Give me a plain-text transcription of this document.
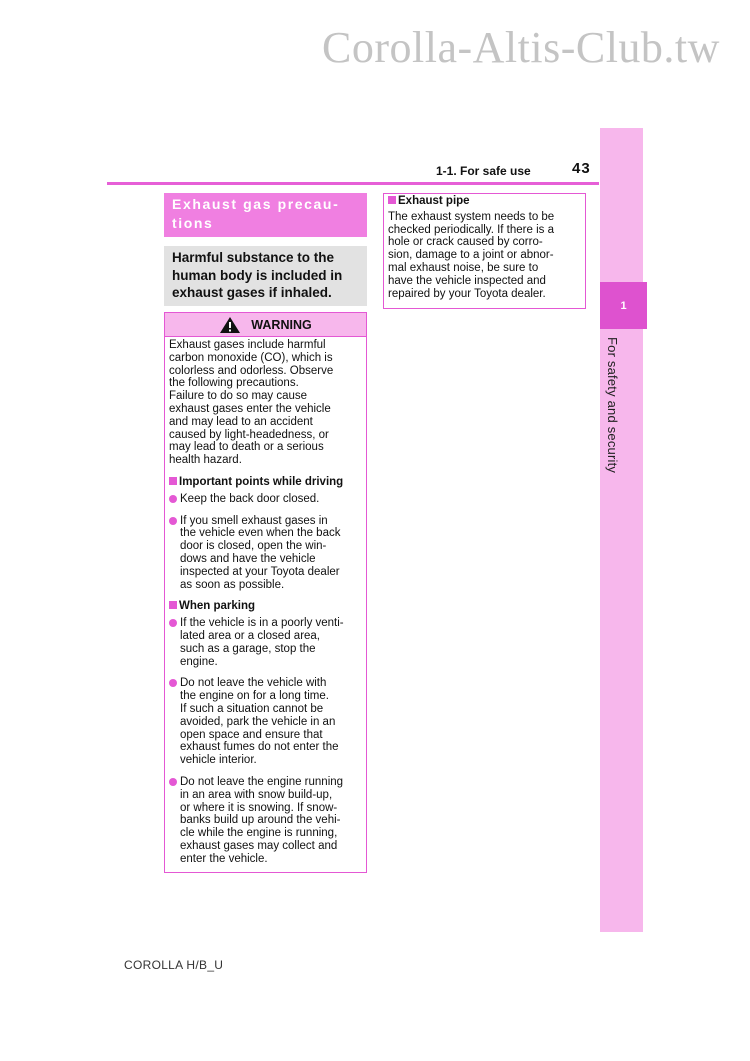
Corolla-Altis-Club.tw
1
For safety and security
1-1. For safe use	43
Exhaust gas precau-
tions
Harmful substance to the
human body is included in
exhaust gases if inhaled.
WARNING
Exhaust gases include harmful
carbon monoxide (CO), which is
colorless and odorless. Observe
the following precautions.
Failure to do so may cause
exhaust gases enter the vehicle
and may lead to an accident
caused by light-headedness, or
may lead to death or a serious
health hazard.
Important points while driving
Keep the back door closed.
If you smell exhaust gases in
the vehicle even when the back
door is closed, open the win-
dows and have the vehicle
inspected at your Toyota dealer
as soon as possible.
When parking
If the vehicle is in a poorly venti-
lated area or a closed area,
such as a garage, stop the
engine.
Do not leave the vehicle with
the engine on for a long time.
If such a situation cannot be
avoided, park the vehicle in an
open space and ensure that
exhaust fumes do not enter the
vehicle interior.
Do not leave the engine running
in an area with snow build-up,
or where it is snowing. If snow-
banks build up around the vehi-
cle while the engine is running,
exhaust gases may collect and
enter the vehicle.
Exhaust pipe
The exhaust system needs to be
checked periodically. If there is a
hole or crack caused by corro-
sion, damage to a joint or abnor-
mal exhaust noise, be sure to
have the vehicle inspected and
repaired by your Toyota dealer.
COROLLA H/B_U
